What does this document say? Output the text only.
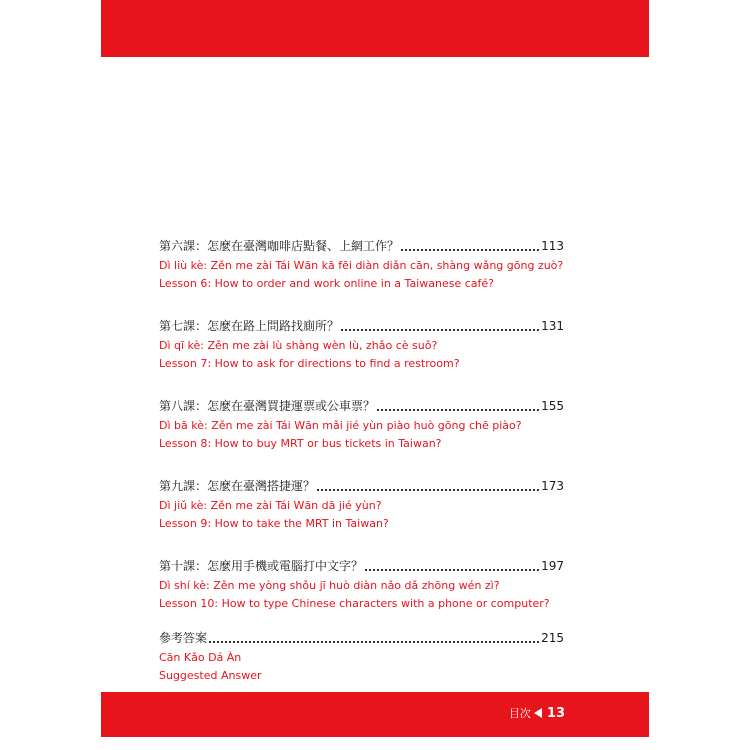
第六課：怎麼在臺灣咖啡店點餐、上網工作？	113
Dì liù kè: Zěn me zài Tái Wān kā fēi diàn diǎn cān, shàng wǎng gōng zuò?
Lesson 6: How to order and work online in a Taiwanese café?
第七課：怎麼在路上問路找廁所？	131
Dì qī kè: Zěn me zài lù shàng wèn lù, zhǎo cè suǒ?
Lesson 7: How to ask for directions to find a restroom?
第八課：怎麼在臺灣買捷運票或公車票？	155
Dì bā kè: Zěn me zài Tái Wān mǎi jié yùn piào huò gōng chē piào?
Lesson 8: How to buy MRT or bus tickets in Taiwan?
第九課：怎麼在臺灣搭捷運？	173
Dì jiǔ kè: Zěn me zài Tái Wān dā jié yùn?
Lesson 9: How to take the MRT in Taiwan?
第十課：怎麼用手機或電腦打中文字？	197
Dì shí kè: Zěn me yòng shǒu jī huò diàn nǎo dǎ zhōng wén zì?
Lesson 10: How to type Chinese characters with a phone or computer?
參考答案	215
Cān Kǎo Dá Àn
Suggested Answer
目次 13
